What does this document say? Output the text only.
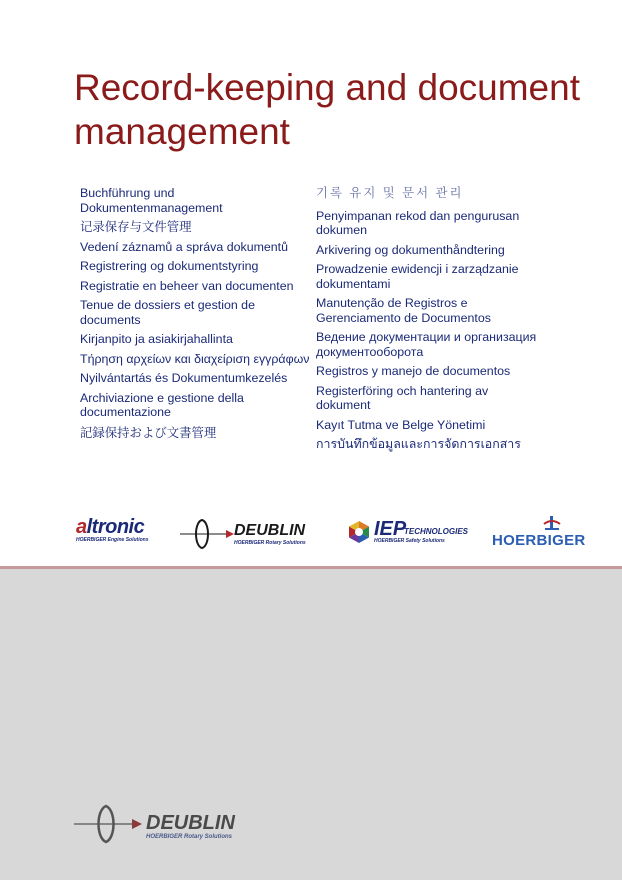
Record-keeping and document management
Buchführung und Dokumentenmanagement
记录保存与文件管理
Vedení záznamů a správa dokumentů
Registrering og dokumentstyring
Registratie en beheer van documenten
Tenue de dossiers et gestion de documents
Kirjanpito ja asiakirjahallinta
Τήρηση αρχείων και διαχείριση εγγράφων
Nyilvántartás és Dokumentumkezelés
Archiviazione e gestione della documentazione
記録保持および文書管理
기록 유지 및 문서 관리
Penyimpanan rekod dan pengurusan dokumen
Arkivering og dokumenthåndtering
Prowadzenie ewidencji i zarządzanie dokumentami
Manutenção de Registros e Gerenciamento de Documentos
Ведение документации и организация документооборота
Registros y manejo de documentos
Registerföring och hantering av dokument
Kayıt Tutma ve Belge Yönetimi
การบันทึกข้อมูลและการจัดการเอกสาร
altronic
HOERBIGER Engine Solutions
DEUBLIN
HOERBIGER Rotary Solutions
IEP
TECHNOLOGIES
HOERBIGER Safety Solutions	HOERBIGER
DEUBLIN
HOERBIGER Rotary Solutions
